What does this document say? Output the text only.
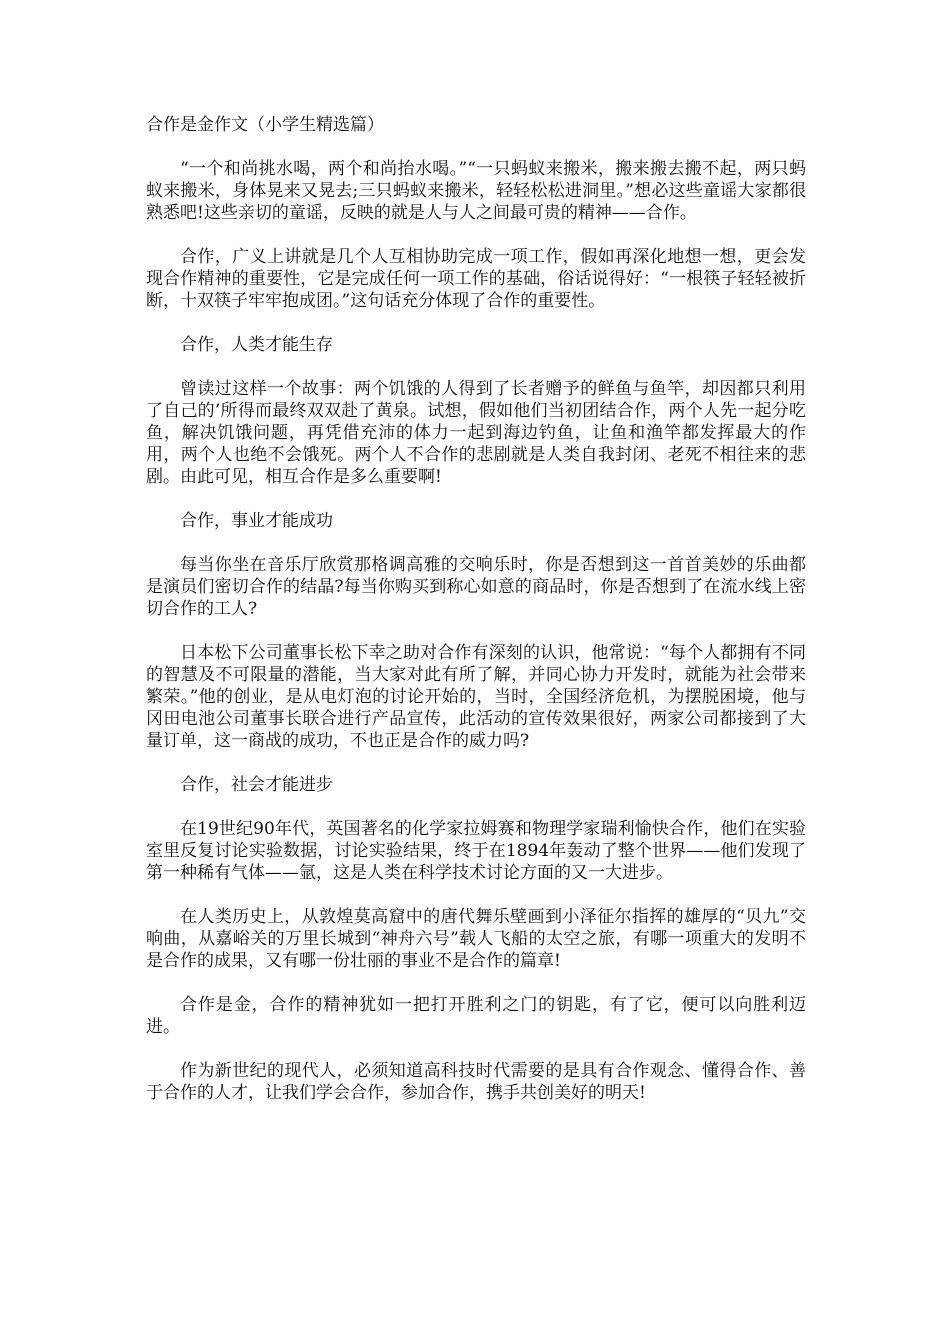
合作是金作文（小学生精选篇）

“一个和尚挑水喝，两个和尚抬水喝。”“一只蚂蚁来搬米，搬来搬去搬不起，两只蚂蚁来搬米，身体晃来又晃去;三只蚂蚁来搬米，轻轻松松进洞里。”想必这些童谣大家都很熟悉吧!这些亲切的童谣，反映的就是人与人之间最可贵的精神——合作。

合作，广义上讲就是几个人互相协助完成一项工作，假如再深化地想一想，更会发现合作精神的重要性，它是完成任何一项工作的基础，俗话说得好：“一根筷子轻轻被折断，十双筷子牢牢抱成团。”这句话充分体现了合作的重要性。

合作，人类才能生存

曾读过这样一个故事：两个饥饿的人得到了长者赠予的鲜鱼与鱼竿，却因都只利用了自己的’所得而最终双双赴了黄泉。试想，假如他们当初团结合作，两个人先一起分吃鱼，解决饥饿问题，再凭借充沛的体力一起到海边钓鱼，让鱼和渔竿都发挥最大的作用，两个人也绝不会饿死。两个人不合作的悲剧就是人类自我封闭、老死不相往来的悲剧。由此可见，相互合作是多么重要啊!

合作，事业才能成功

每当你坐在音乐厅欣赏那格调高雅的交响乐时，你是否想到这一首首美妙的乐曲都是演员们密切合作的结晶?每当你购买到称心如意的商品时，你是否想到了在流水线上密切合作的工人?

日本松下公司董事长松下幸之助对合作有深刻的认识，他常说：“每个人都拥有不同的智慧及不可限量的潜能，当大家对此有所了解，并同心协力开发时，就能为社会带来繁荣。”他的创业，是从电灯泡的讨论开始的，当时，全国经济危机，为摆脱困境，他与冈田电池公司董事长联合进行产品宣传，此活动的宣传效果很好，两家公司都接到了大量订单，这一商战的成功，不也正是合作的威力吗?

合作，社会才能进步

在19世纪90年代，英国著名的化学家拉姆赛和物理学家瑞利愉快合作，他们在实验室里反复讨论实验数据，讨论实验结果，终于在1894年轰动了整个世界——他们发现了第一种稀有气体——氩，这是人类在科学技术讨论方面的又一大进步。

在人类历史上，从敦煌莫高窟中的唐代舞乐壁画到小泽征尔指挥的雄厚的“贝九”交响曲，从嘉峪关的万里长城到“神舟六号”载人飞船的太空之旅，有哪一项重大的发明不是合作的成果，又有哪一份壮丽的事业不是合作的篇章!

合作是金，合作的精神犹如一把打开胜利之门的钥匙，有了它，便可以向胜利迈进。

作为新世纪的现代人，必须知道高科技时代需要的是具有合作观念、懂得合作、善于合作的人才，让我们学会合作，参加合作，携手共创美好的明天!
